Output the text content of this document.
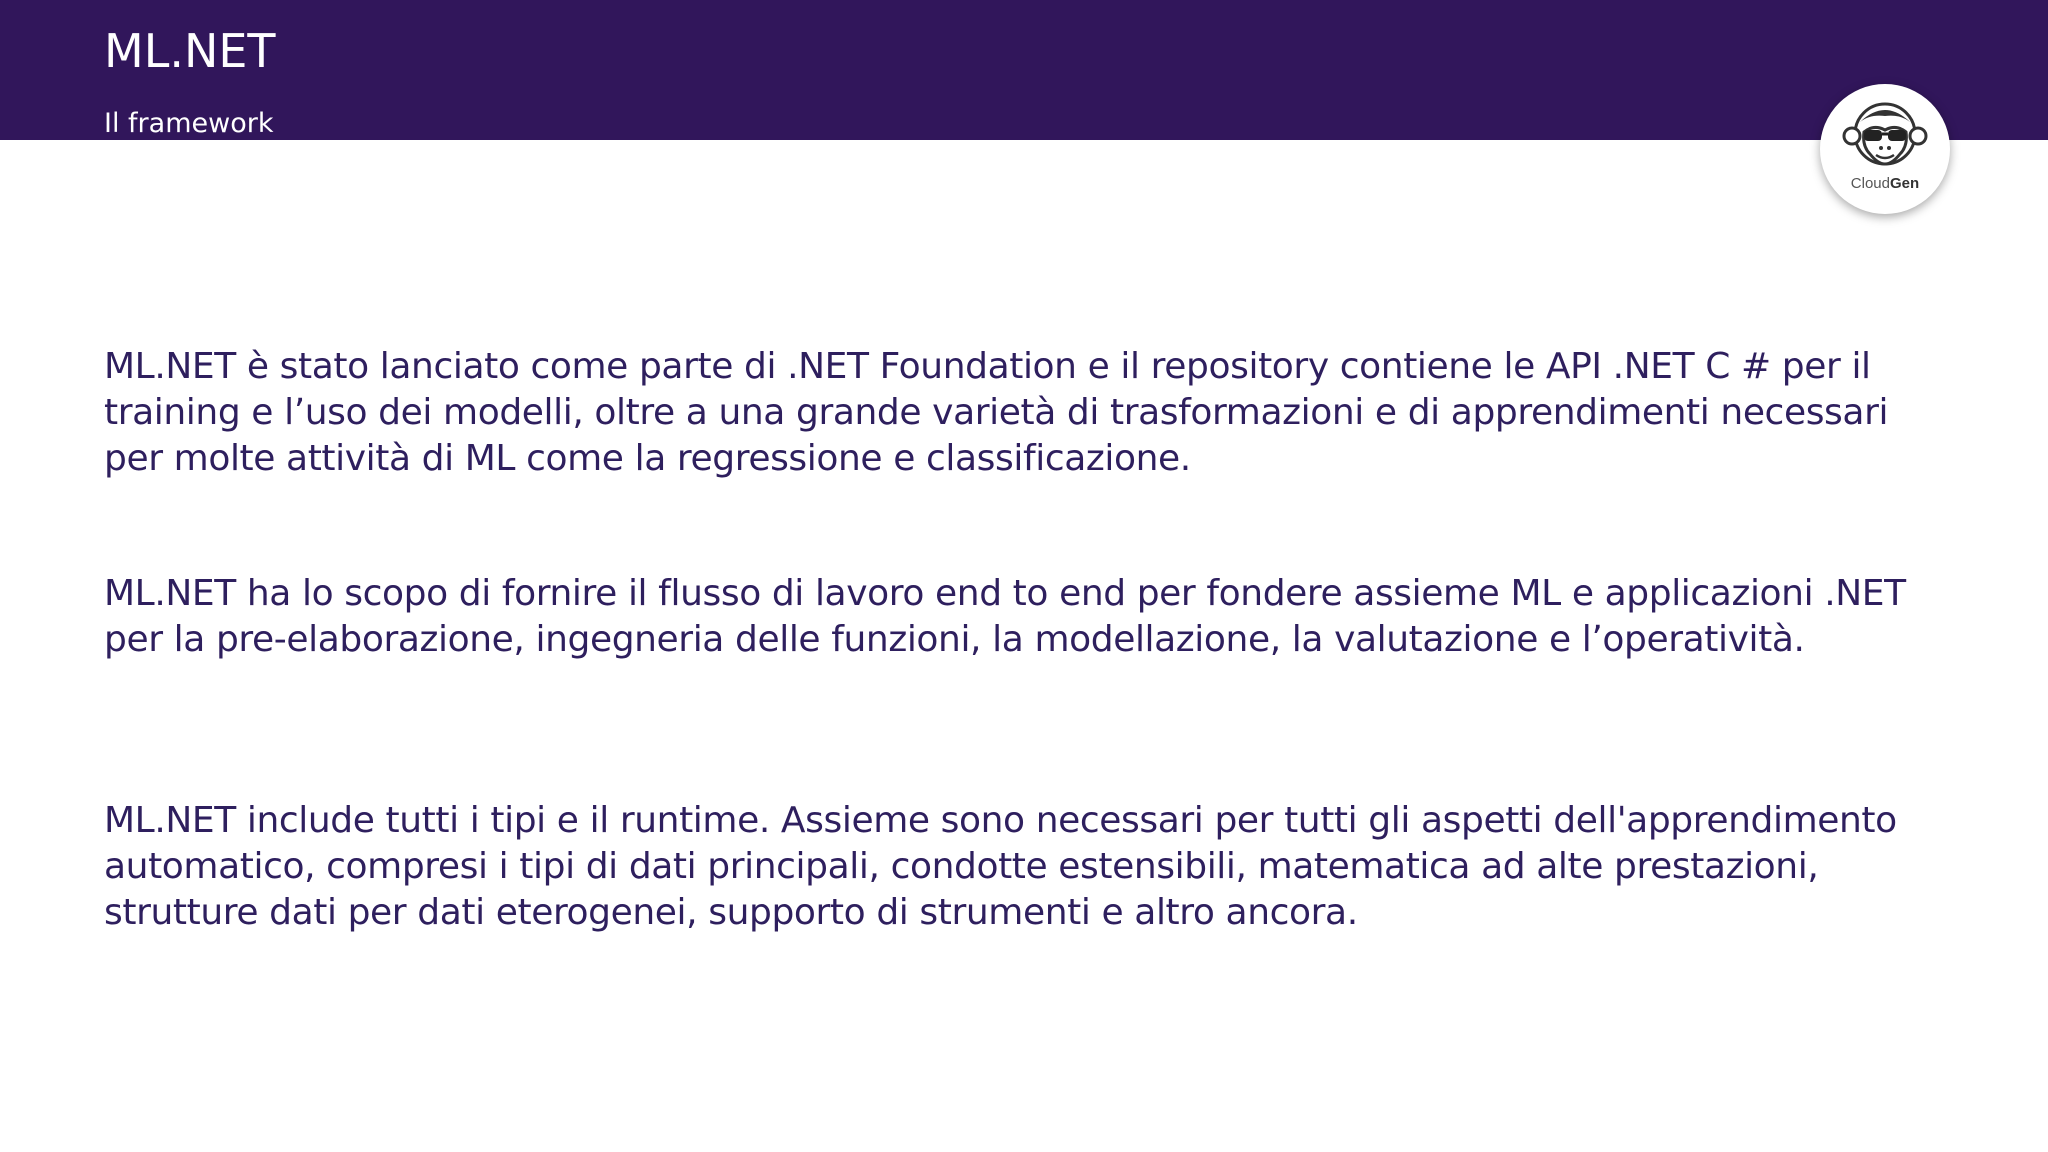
ML.NET
Il framework
CloudGen

ML.NET è stato lanciato come parte di .NET Foundation e il repository contiene le API .NET C # per il training e l’uso dei modelli, oltre a una grande varietà di trasformazioni e di apprendimenti necessari per molte attività di ML come la regressione e classificazione.

ML.NET ha lo scopo di fornire il flusso di lavoro end to end per fondere assieme ML e applicazioni .NET per la pre-elaborazione, ingegneria delle funzioni, la modellazione, la valutazione e l’operatività.

ML.NET include tutti i tipi e il runtime. Assieme sono necessari per tutti gli aspetti dell'apprendimento automatico, compresi i tipi di dati principali, condotte estensibili, matematica ad alte prestazioni, strutture dati per dati eterogenei, supporto di strumenti e altro ancora.
